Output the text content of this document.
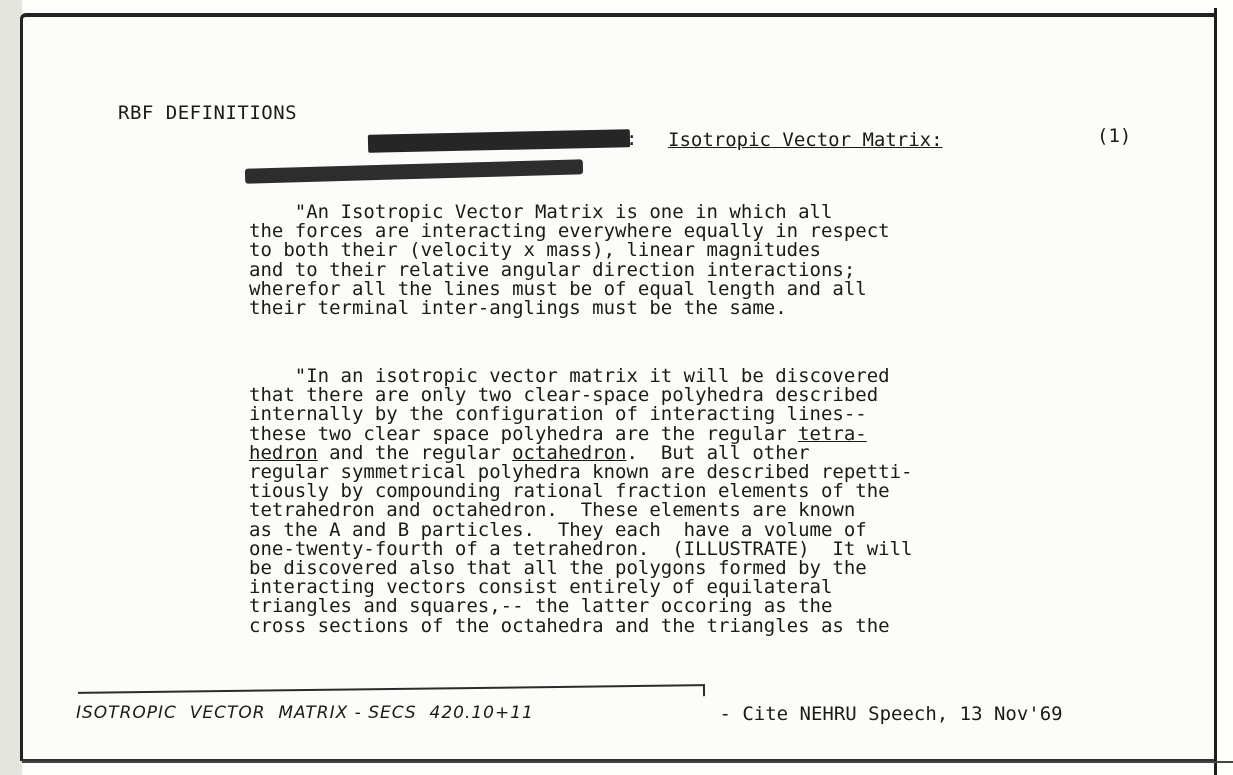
RBF DEFINITIONS
: Isotropic Vector Matrix:	(1)
"An Isotropic Vector Matrix is one in which all
the forces are interacting everywhere equally in respect
to both their (velocity x mass), linear magnitudes
and to their relative angular direction interactions;
wherefor all the lines must be of equal length and all
their terminal inter-anglings must be the same.
"In an isotropic vector matrix it will be discovered
that there are only two clear-space polyhedra described
internally by the configuration of interacting lines--
these two clear space polyhedra are the regular tetra-
hedron and the regular octahedron.  But all other
regular symmetrical polyhedra known are described repetti-
tiously by compounding rational fraction elements of the
tetrahedron and octahedron.  These elements are known
as the A and B particles.  They each  have a volume of
one-twenty-fourth of a tetrahedron.  (ILLUSTRATE)  It will
be discovered also that all the polygons formed by the
interacting vectors consist entirely of equilateral
triangles and squares,-- the latter occoring as the
cross sections of the octahedra and the triangles as the
ISOTROPIC  VECTOR  MATRIX - SECS  420.10+11	- Cite NEHRU Speech, 13 Nov'69
